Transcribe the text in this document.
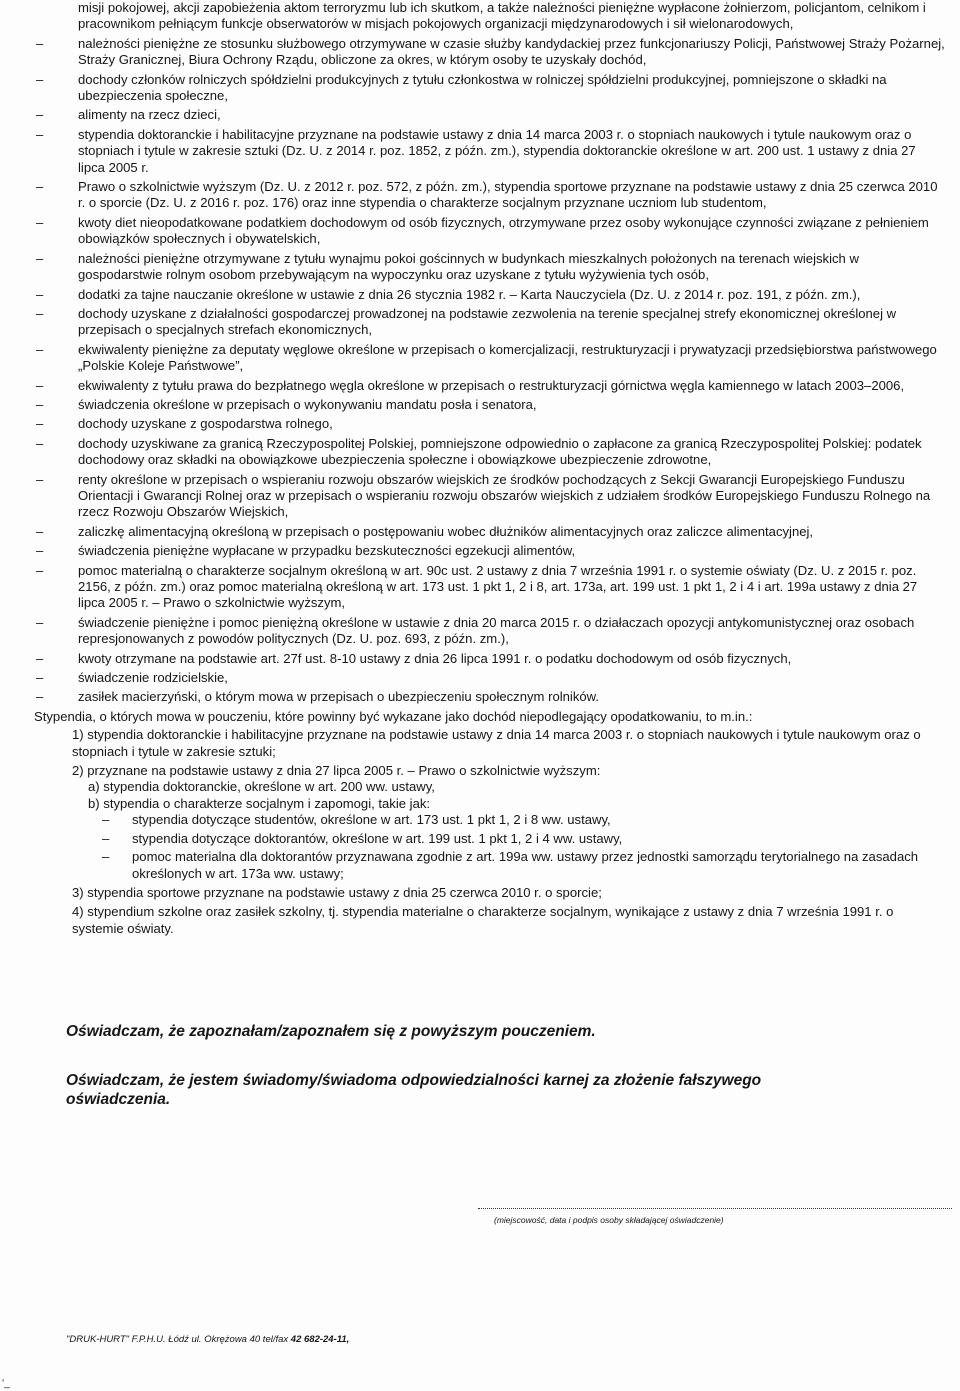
misji pokojowej, akcji zapobieżenia aktom terroryzmu lub ich skutkom, a także należności pieniężne wypłacone żołnierzom, policjantom, celnikom i pracownikom pełniącym funkcje obserwatorów w misjach pokojowych organizacji międzynarodowych i sił wielonarodowych,

– należności pieniężne ze stosunku służbowego otrzymywane w czasie służby kandydackiej przez funkcjonariuszy Policji, Państwowej Straży Pożarnej, Straży Granicznej, Biura Ochrony Rządu, obliczone za okres, w którym osoby te uzyskały dochód,
– dochody członków rolniczych spółdzielni produkcyjnych z tytułu członkostwa w rolniczej spółdzielni produkcyjnej, pomniejszone o składki na ubezpieczenia społeczne,
– alimenty na rzecz dzieci,
– stypendia doktoranckie i habilitacyjne przyznane na podstawie ustawy z dnia 14 marca 2003 r. o stopniach naukowych i tytule naukowym oraz o stopniach i tytule w zakresie sztuki (Dz. U. z 2014 r. poz. 1852, z późn. zm.), stypendia doktoranckie określone w art. 200 ust. 1 ustawy z dnia 27 lipca 2005 r.
– Prawo o szkolnictwie wyższym (Dz. U. z 2012 r. poz. 572, z późn. zm.), stypendia sportowe przyznane na podstawie ustawy z dnia 25 czerwca 2010 r. o sporcie (Dz. U. z 2016 r. poz. 176) oraz inne stypendia o charakterze socjalnym przyznane uczniom lub studentom,
– kwoty diet nieopodatkowane podatkiem dochodowym od osób fizycznych, otrzymywane przez osoby wykonujące czynności związane z pełnieniem obowiązków społecznych i obywatelskich,
– należności pieniężne otrzymywane z tytułu wynajmu pokoi gościnnych w budynkach mieszkalnych położonych na terenach wiejskich w gospodarstwie rolnym osobom przebywającym na wypoczynku oraz uzyskane z tytułu wyżywienia tych osób,
– dodatki za tajne nauczanie określone w ustawie z dnia 26 stycznia 1982 r. – Karta Nauczyciela (Dz. U. z 2014 r. poz. 191, z późn. zm.),
– dochody uzyskane z działalności gospodarczej prowadzonej na podstawie zezwolenia na terenie specjalnej strefy ekonomicznej określonej w przepisach o specjalnych strefach ekonomicznych,
– ekwiwalenty pieniężne za deputaty węglowe określone w przepisach o komercjalizacji, restrukturyzacji i prywatyzacji przedsiębiorstwa państwowego „Polskie Koleje Państwowe”,
– ekwiwalenty z tytułu prawa do bezpłatnego węgla określone w przepisach o restrukturyzacji górnictwa węgla kamiennego w latach 2003–2006,
– świadczenia określone w przepisach o wykonywaniu mandatu posła i senatora,
– dochody uzyskane z gospodarstwa rolnego,
– dochody uzyskiwane za granicą Rzeczypospolitej Polskiej, pomniejszone odpowiednio o zapłacone za granicą Rzeczypospolitej Polskiej: podatek dochodowy oraz składki na obowiązkowe ubezpieczenia społeczne i obowiązkowe ubezpieczenie zdrowotne,
– renty określone w przepisach o wspieraniu rozwoju obszarów wiejskich ze środków pochodzących z Sekcji Gwarancji Europejskiego Funduszu Orientacji i Gwarancji Rolnej oraz w przepisach o wspieraniu rozwoju obszarów wiejskich z udziałem środków Europejskiego Funduszu Rolnego na rzecz Rozwoju Obszarów Wiejskich,
– zaliczkę alimentacyjną określoną w przepisach o postępowaniu wobec dłużników alimentacyjnych oraz zaliczce alimentacyjnej,
– świadczenia pieniężne wypłacane w przypadku bezskuteczności egzekucji alimentów,
– pomoc materialną o charakterze socjalnym określoną w art. 90c ust. 2 ustawy z dnia 7 września 1991 r. o systemie oświaty (Dz. U. z 2015 r. poz. 2156, z późn. zm.) oraz pomoc materialną określoną w art. 173 ust. 1 pkt 1, 2 i 8, art. 173a, art. 199 ust. 1 pkt 1, 2 i 4 i art. 199a ustawy z dnia 27 lipca 2005 r. – Prawo o szkolnictwie wyższym,
– świadczenie pieniężne i pomoc pieniężną określone w ustawie z dnia 20 marca 2015 r. o działaczach opozycji antykomunistycznej oraz osobach represjonowanych z powodów politycznych (Dz. U. poz. 693, z późn. zm.),
– kwoty otrzymane na podstawie art. 27f ust. 8-10 ustawy z dnia 26 lipca 1991 r. o podatku dochodowym od osób fizycznych,
– świadczenie rodzicielskie,
– zasiłek macierzyński, o którym mowa w przepisach o ubezpieczeniu społecznym rolników.

Stypendia, o których mowa w pouczeniu, które powinny być wykazane jako dochód niepodlegający opodatkowaniu, to m.in.:

1) stypendia doktoranckie i habilitacyjne przyznane na podstawie ustawy z dnia 14 marca 2003 r. o stopniach naukowych i tytule naukowym oraz o stopniach i tytule w zakresie sztuki;
2) przyznane na podstawie ustawy z dnia 27 lipca 2005 r. – Prawo o szkolnictwie wyższym:
a) stypendia doktoranckie, określone w art. 200 ww. ustawy,
b) stypendia o charakterze socjalnym i zapomogi, takie jak:
– stypendia dotyczące studentów, określone w art. 173 ust. 1 pkt 1, 2 i 8 ww. ustawy,
– stypendia dotyczące doktorantów, określone w art. 199 ust. 1 pkt 1, 2 i 4 ww. ustawy,
– pomoc materialna dla doktorantów przyznawana zgodnie z art. 199a ww. ustawy przez jednostki samorządu terytorialnego na zasadach określonych w art. 173a ww. ustawy;
3) stypendia sportowe przyznane na podstawie ustawy z dnia 25 czerwca 2010 r. o sporcie;
4) stypendium szkolne oraz zasiłek szkolny, tj. stypendia materialne o charakterze socjalnym, wynikające z ustawy z dnia 7 września 1991 r. o systemie oświaty.
Oświadczam, że zapoznałam/zapoznałem się z powyższym pouczeniem.
Oświadczam, że jestem świadomy/świadoma odpowiedzialności karnej za złożenie fałszywego oświadczenia.
(miejscowość, data i podpis osoby składającej oświadczenie)
"DRUK-HURT" F.P.H.U. Łódź ul. Okrężowa 40 tel/fax 42 682-24-11,
‘_
